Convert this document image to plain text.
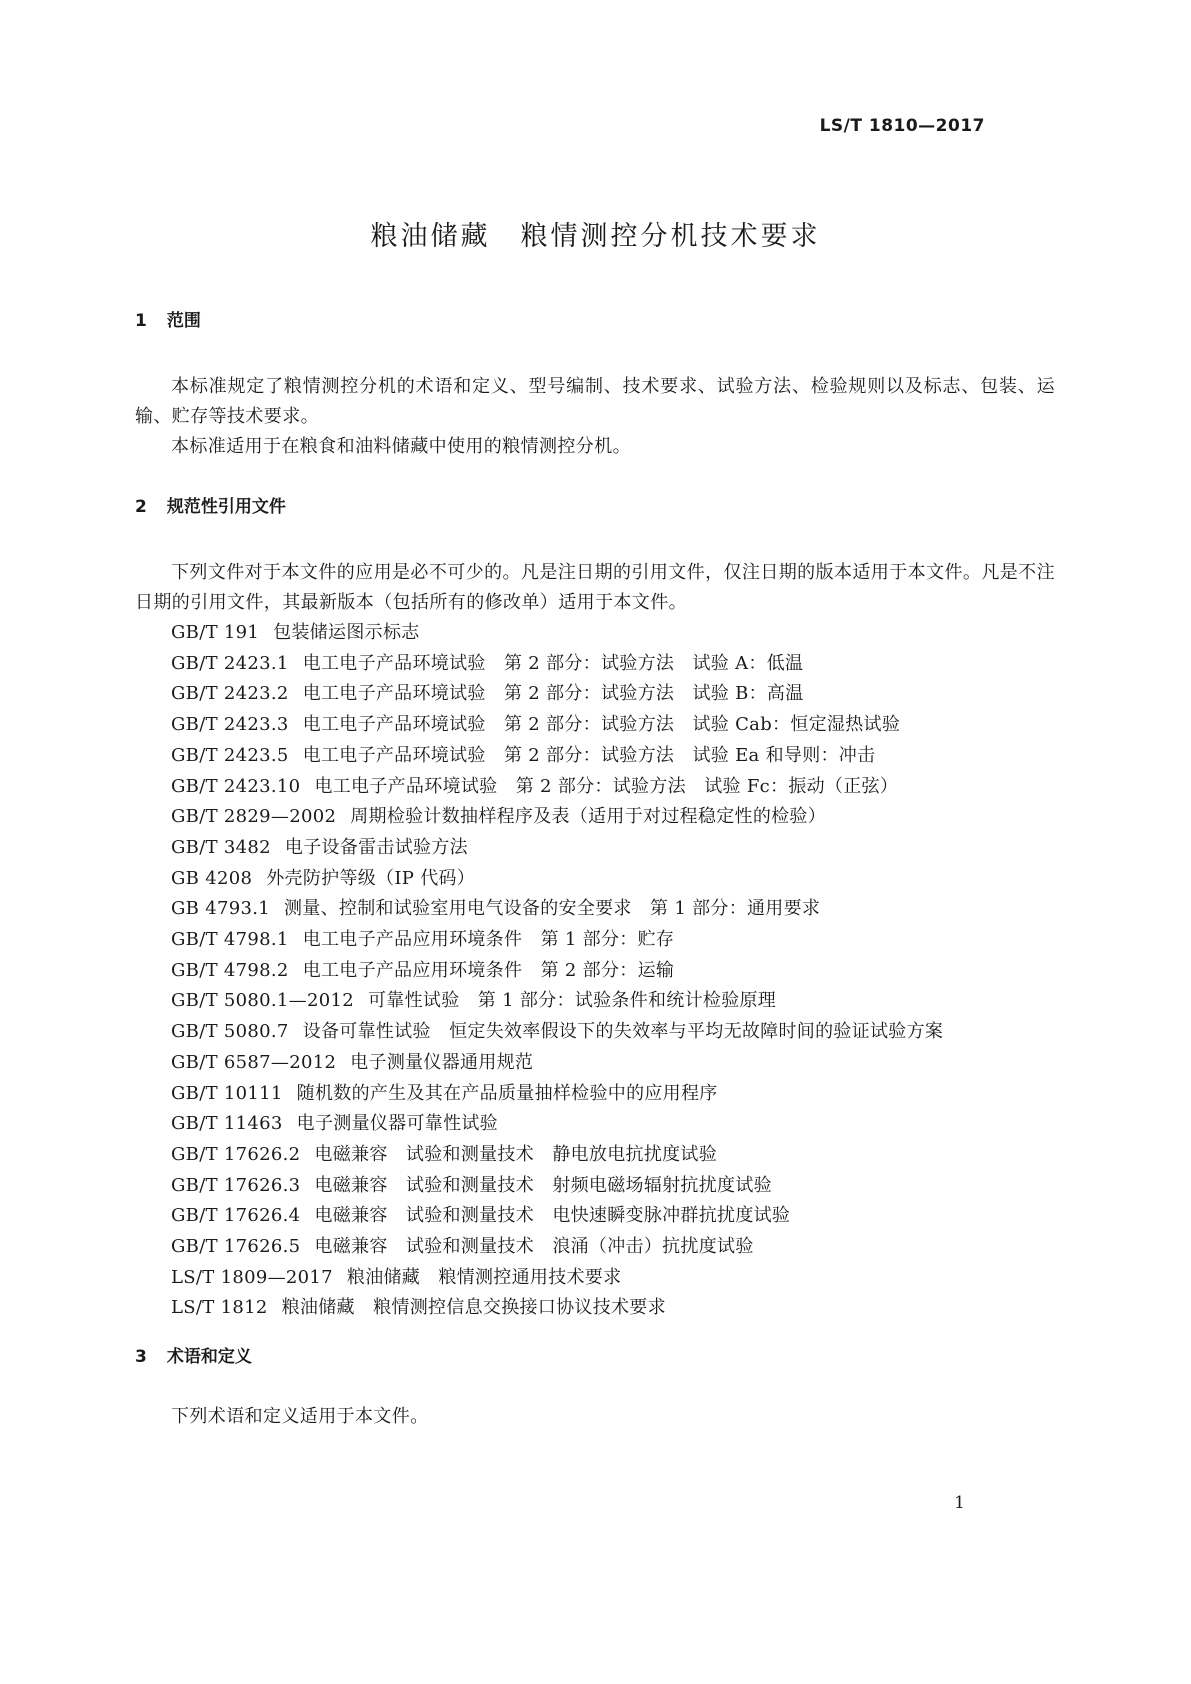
LS/T 1810—2017
粮油储藏　粮情测控分机技术要求
1 范围

本标准规定了粮情测控分机的术语和定义、型号编制、技术要求、试验方法、检验规则以及标志、包装、运输、贮存等技术要求。

本标准适用于在粮食和油料储藏中使用的粮情测控分机。

2 规范性引用文件

下列文件对于本文件的应用是必不可少的。凡是注日期的引用文件，仅注日期的版本适用于本文件。凡是不注日期的引用文件，其最新版本（包括所有的修改单）适用于本文件。

GB/T 191 包装储运图示标志
GB/T 2423.1 电工电子产品环境试验　第 2 部分：试验方法　试验 A：低温
GB/T 2423.2 电工电子产品环境试验　第 2 部分：试验方法　试验 B：高温
GB/T 2423.3 电工电子产品环境试验　第 2 部分：试验方法　试验 Cab：恒定湿热试验
GB/T 2423.5 电工电子产品环境试验　第 2 部分：试验方法　试验 Ea 和导则：冲击
GB/T 2423.10 电工电子产品环境试验　第 2 部分：试验方法　试验 Fc：振动（正弦）
GB/T 2829—2002 周期检验计数抽样程序及表（适用于对过程稳定性的检验）
GB/T 3482 电子设备雷击试验方法
GB 4208 外壳防护等级（IP 代码）
GB 4793.1 测量、控制和试验室用电气设备的安全要求　第 1 部分：通用要求
GB/T 4798.1 电工电子产品应用环境条件　第 1 部分：贮存
GB/T 4798.2 电工电子产品应用环境条件　第 2 部分：运输
GB/T 5080.1—2012 可靠性试验　第 1 部分：试验条件和统计检验原理
GB/T 5080.7 设备可靠性试验　恒定失效率假设下的失效率与平均无故障时间的验证试验方案
GB/T 6587—2012 电子测量仪器通用规范
GB/T 10111 随机数的产生及其在产品质量抽样检验中的应用程序
GB/T 11463 电子测量仪器可靠性试验
GB/T 17626.2 电磁兼容　试验和测量技术　静电放电抗扰度试验
GB/T 17626.3 电磁兼容　试验和测量技术　射频电磁场辐射抗扰度试验
GB/T 17626.4 电磁兼容　试验和测量技术　电快速瞬变脉冲群抗扰度试验
GB/T 17626.5 电磁兼容　试验和测量技术　浪涌（冲击）抗扰度试验
LS/T 1809—2017 粮油储藏　粮情测控通用技术要求
LS/T 1812 粮油储藏　粮情测控信息交换接口协议技术要求
3 术语和定义

下列术语和定义适用于本文件。

1
